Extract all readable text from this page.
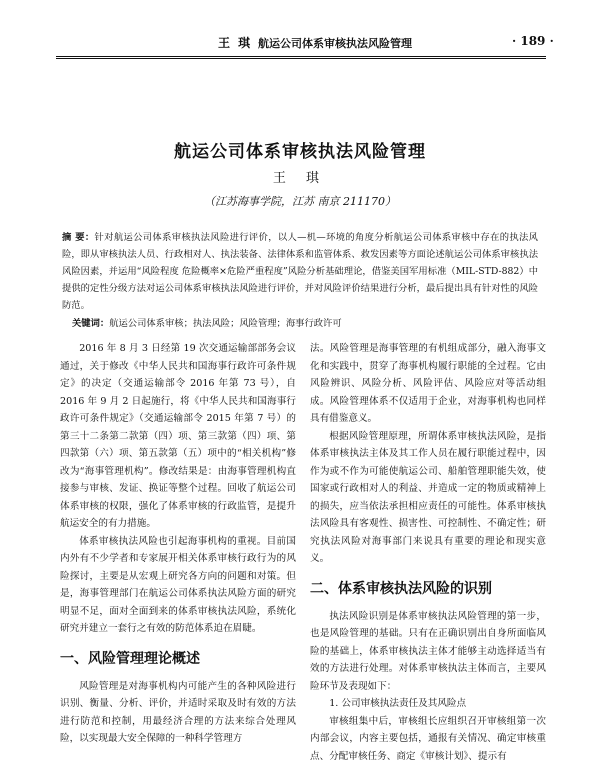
王 琪 航运公司体系审核执法风险管理	· 189 ·
航运公司体系审核执法风险管理
王 琪
（江苏海事学院，江苏 南京 211170）
摘 要：针对航运公司体系审核执法风险进行评价，以人—机—环境的角度分析航运公司体系审核中存在的执法风险，即从审核执法人员、行政相对人、执法装备、法律体系和监管体系、救发因素等方面论述航运公司体系审核执法风险因素，并运用“风险程度 危险概率×危险严重程度”风险分析基础理论，借鉴美国军用标准（MIL-STD-882）中提供的定性分级方法对运公司体系审核执法风险进行评价，并对风险评价结果进行分析，最后提出具有针对性的风险防范。
关键词：航运公司体系审核；执法风险；风险管理；海事行政许可

2016 年 8 月 3 日经第 19 次交通运输部部务会议通过，关于修改《中华人民共和国海事行政许可条件规定》的决定（交通运输部令 2016 年第 73 号），自 2016 年 9 月 2 日起施行，将《中华人民共和国海事行政许可条件规定》（交通运输部令 2015 年第 7 号）的第三十二条第二款第（四）项、第三款第（四）项、第四款第（六）项、第五款第（五）项中的“相关机构”修改为“海事管理机构”。修改结果是：由海事管理机构直接参与审核、发证、换证等整个过程。回收了航运公司体系审核的权限，强化了体系审核的行政监管，是提升航运安全的有力措施。

体系审核执法风险也引起海事机构的重视。目前国内外有不少学者和专家展开相关体系审核行政行为的风险探讨，主要是从宏观上研究各方向的问题和对策。但是，海事管理部门在航运公司体系执法风险方面的研究明显不足，面对全面到来的体系审核执法风险，系统化研究并建立一套行之有效的防范体系迫在眉睫。

一、风险管理理论概述

风险管理是对海事机构内可能产生的各种风险进行识别、衡量、分析、评价，并适时采取及时有效的方法进行防范和控制，用最经济合理的方法来综合处理风险，以实现最大安全保障的一种科学管理方

法。风险管理是海事管理的有机组成部分，融入海事文化和实践中，贯穿了海事机构履行职能的全过程。它由风险辨识、风险分析、风险评估、风险应对等活动组成。风险管理体系不仅适用于企业，对海事机构也同样具有借鉴意义。

根据风险管理原理，所谓体系审核执法风险，是指体系审核执法主体及其工作人员在履行职能过程中，因作为或不作为可能使航运公司、船舶管理职能失效，使国家或行政相对人的利益、并造成一定的物质或精神上的损失，应当依法承担相应责任的可能性。体系审核执法风险具有客观性、损害性、可控制性、不确定性；研究执法风险对海事部门来说具有重要的理论和现实意义。

二、体系审核执法风险的识别

执法风险识别是体系审核执法风险管理的第一步，也是风险管理的基础。只有在正确识别出自身所面临风险的基础上，体系审核执法主体才能够主动选择适当有效的方法进行处理。对体系审核执法主体而言，主要风险环节及表现如下：

1. 公司审核执法责任及其风险点

审核组集中后，审核组长应组织召开审核组第一次内部会议，内容主要包括，通报有关情况、确定审核重点、分配审核任务、商定《审核计划》、提示有
